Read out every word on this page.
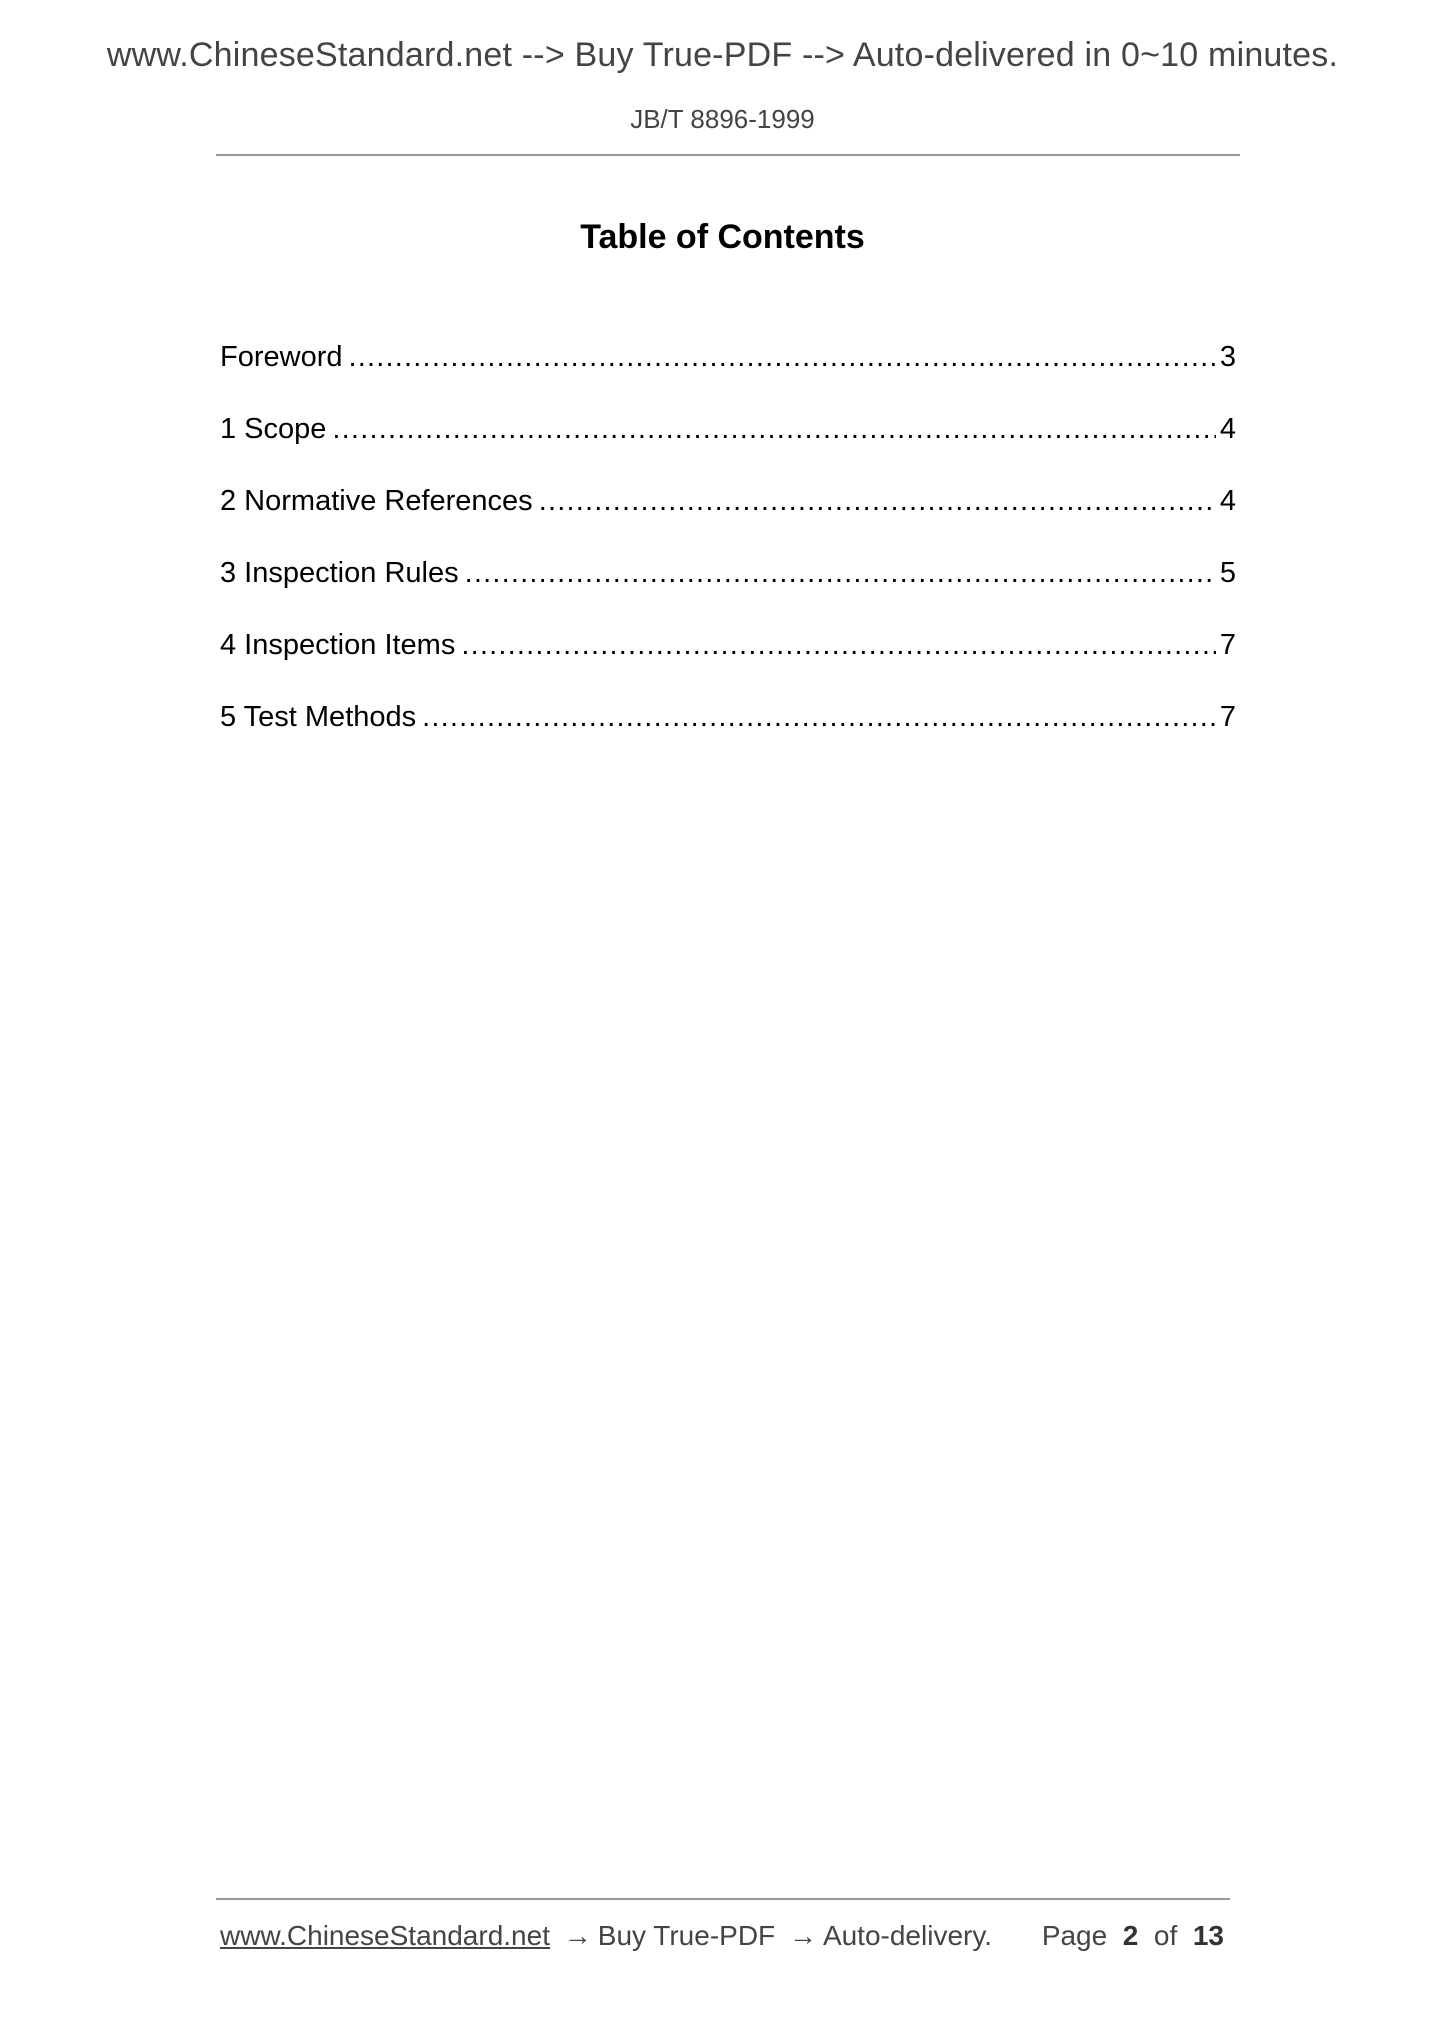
www.ChineseStandard.net --> Buy True-PDF --> Auto-delivered in 0~10 minutes.
JB/T 8896-1999
Table of Contents
Foreword .....	3
1 Scope .....	4
2 Normative References .....	4
3 Inspection Rules .....	5
4 Inspection Items .....	7
5 Test Methods .....	7
www.ChineseStandard.net → Buy True-PDF → Auto-delivery. Page 2 of 13
